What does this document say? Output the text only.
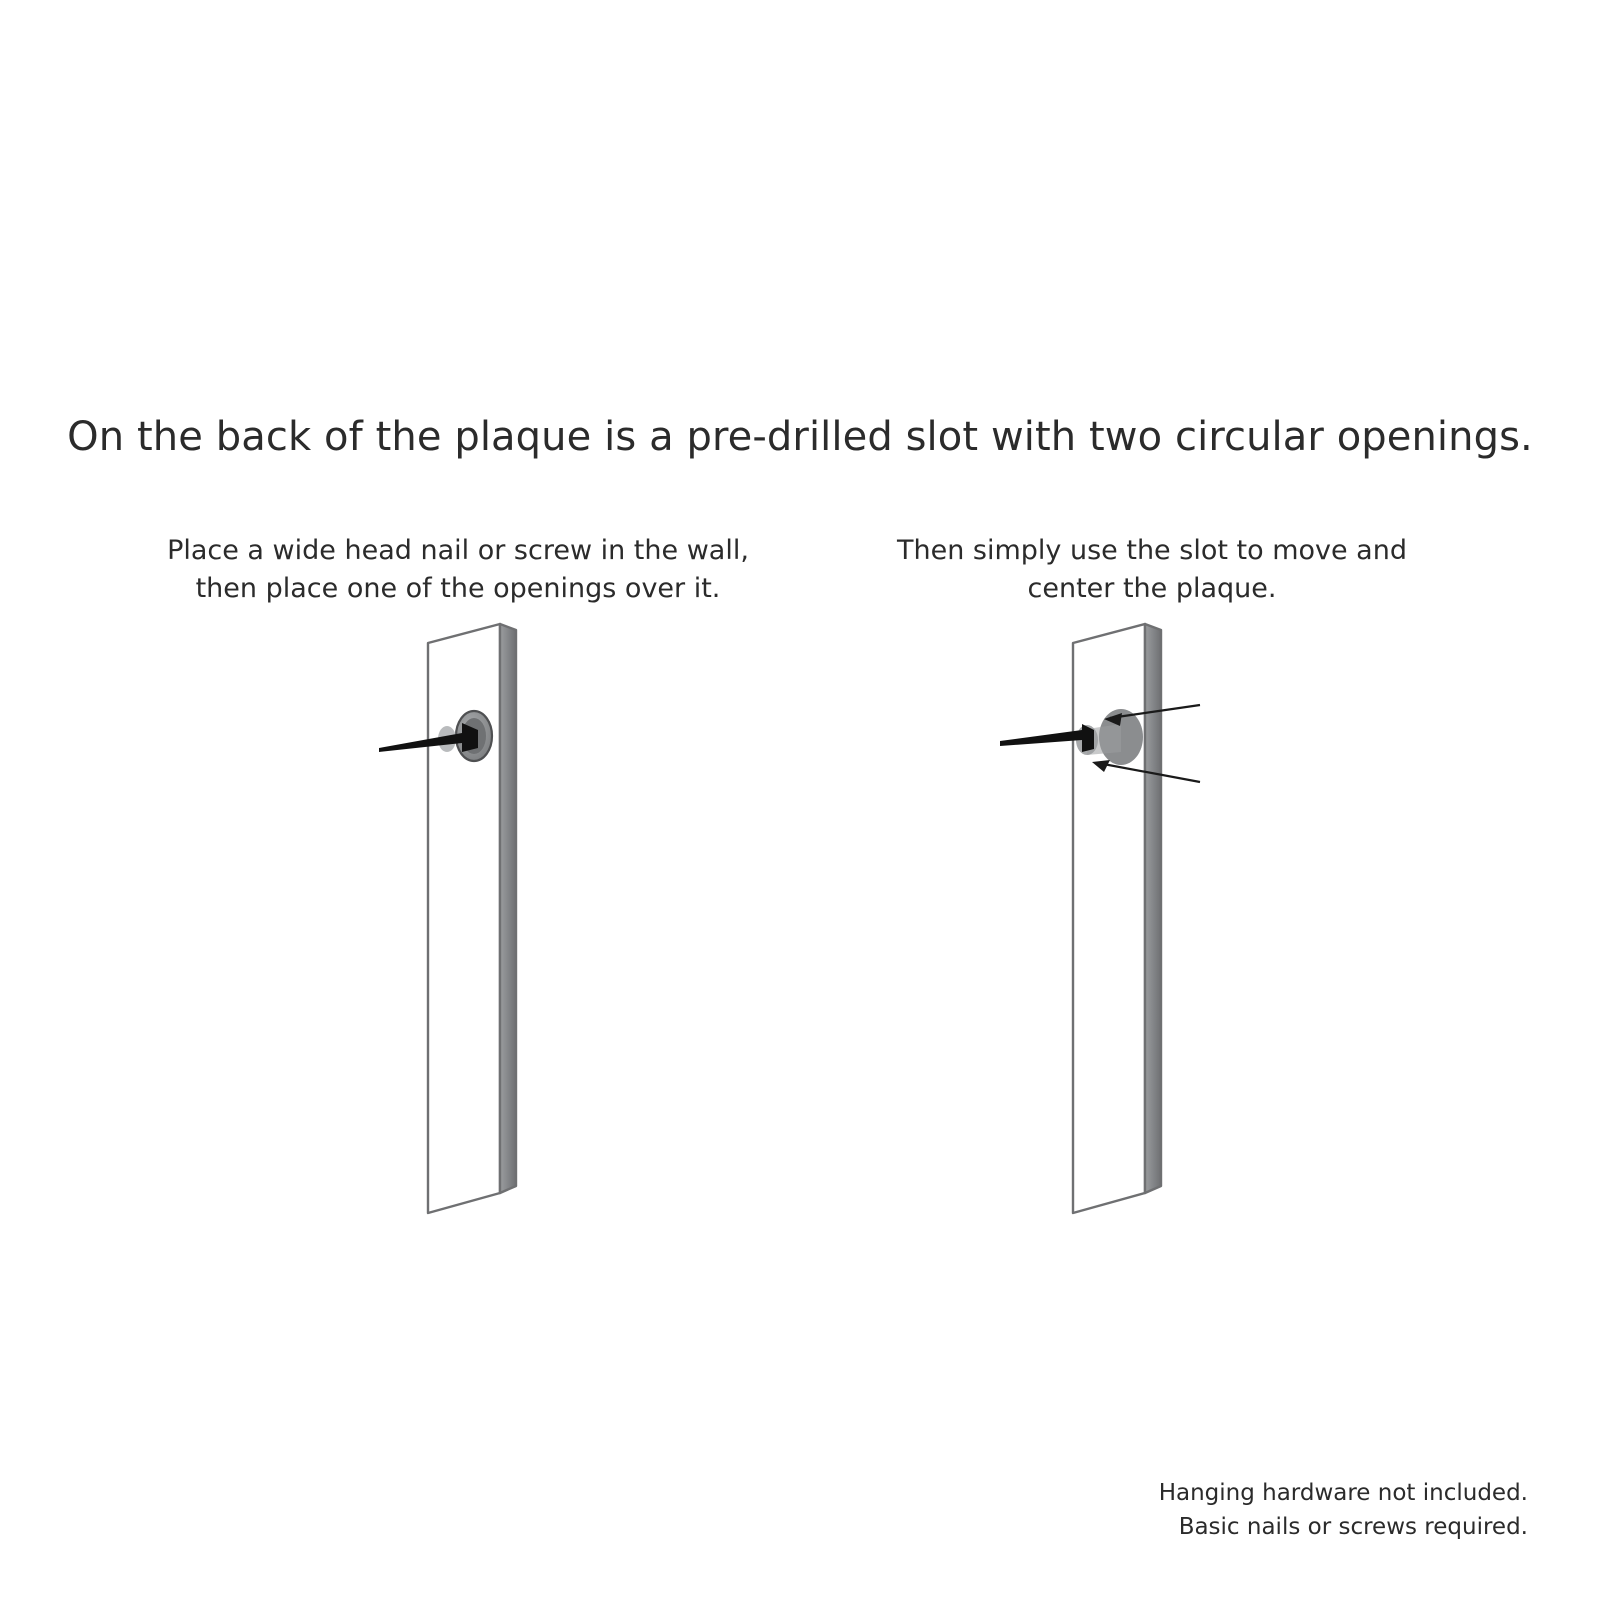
On the back of the plaque is a pre-drilled slot with two circular openings.
Place a wide head nail or screw in the wall,
then place one of the openings over it.
Then simply use the slot to move and
center the plaque.
Hanging hardware not included.
Basic nails or screws required.
